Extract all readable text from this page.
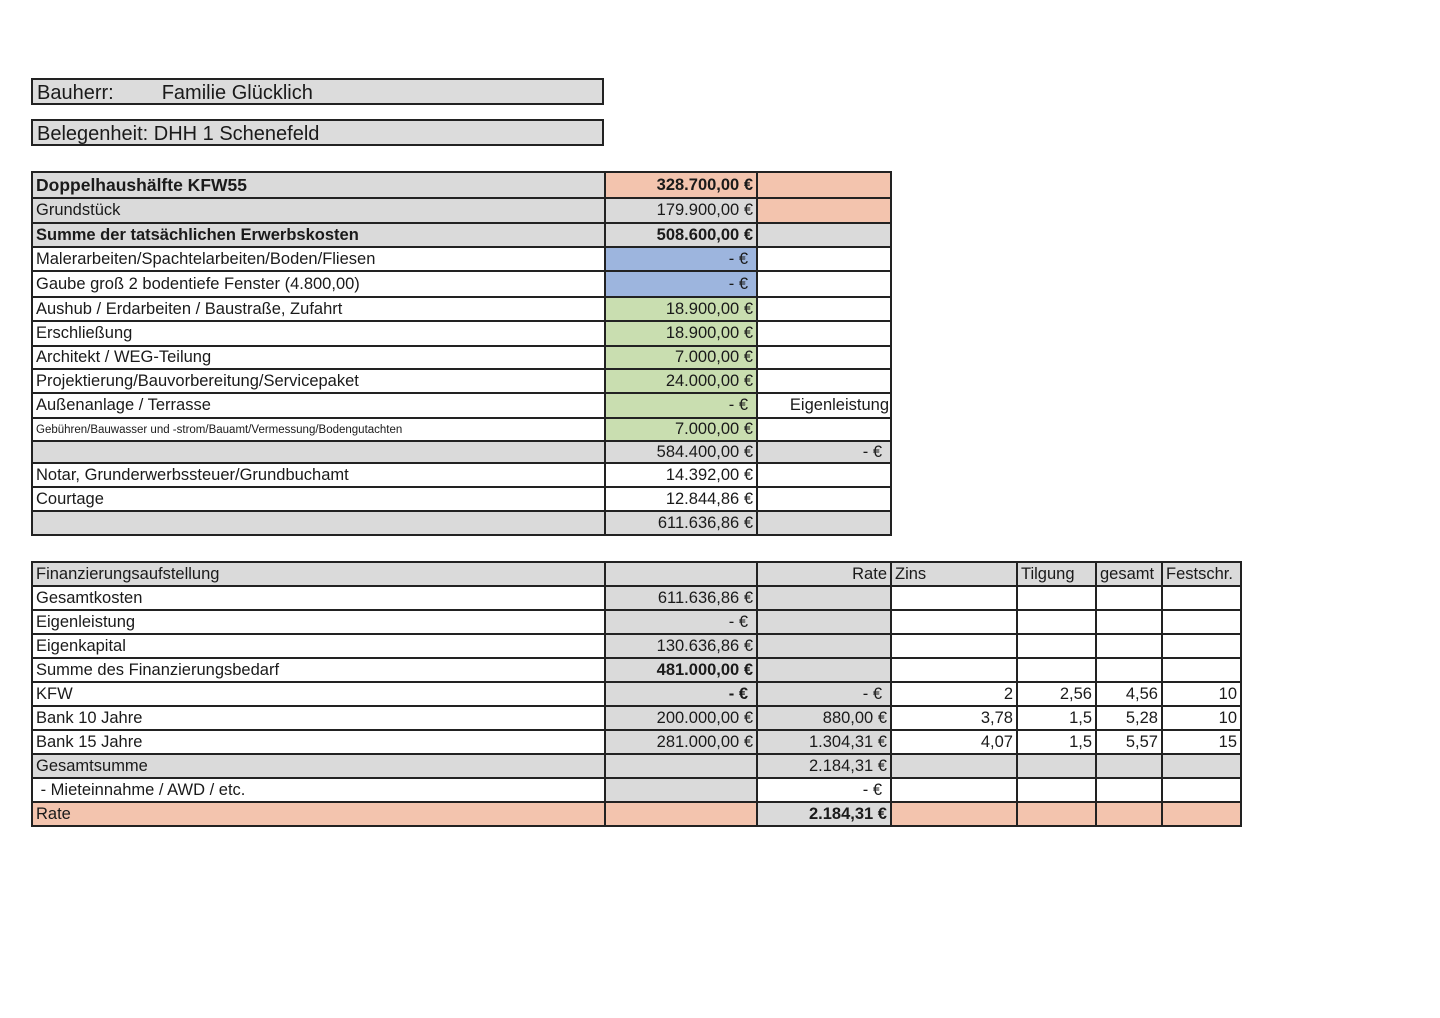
Bauherr: Familie Glücklich
Belegenheit: DHH 1 Schenefeld
Doppelhaushälfte KFW55	328.700,00 €	
Grundstück	179.900,00 €	
Summe der tatsächlichen Erwerbskosten	508.600,00 €	
Malerarbeiten/Spachtelarbeiten/Boden/Fliesen	- €	
Gaube groß 2 bodentiefe Fenster (4.800,00)	- €	
Aushub / Erdarbeiten / Baustraße, Zufahrt	18.900,00 €	
Erschließung	18.900,00 €	
Architekt / WEG-Teilung	7.000,00 €	
Projektierung/Bauvorbereitung/Servicepaket	24.000,00 €	
Außenanlage / Terrasse	- €	Eigenleistung
Gebühren/Bauwasser und -strom/Bauamt/Vermessung/Bodengutachten	7.000,00 €	
	584.400,00 €	- €
Notar, Grunderwerbssteuer/Grundbuchamt	14.392,00 €	
Courtage	12.844,86 €	
	611.636,86 €	
Finanzierungsaufstellung		Rate	Zins	Tilgung	gesamt	Festschr.
Gesamtkosten	611.636,86 €					
Eigenleistung	- €					
Eigenkapital	130.636,86 €					
Summe des Finanzierungsbedarf	481.000,00 €					
KFW	- €	- €	2	2,56	4,56	10
Bank 10 Jahre	200.000,00 €	880,00 €	3,78	1,5	5,28	10
Bank 15 Jahre	281.000,00 €	1.304,31 €	4,07	1,5	5,57	15
Gesamtsumme		2.184,31 €				
- Mieteinnahme / AWD / etc.		- €				
Rate		2.184,31 €				
